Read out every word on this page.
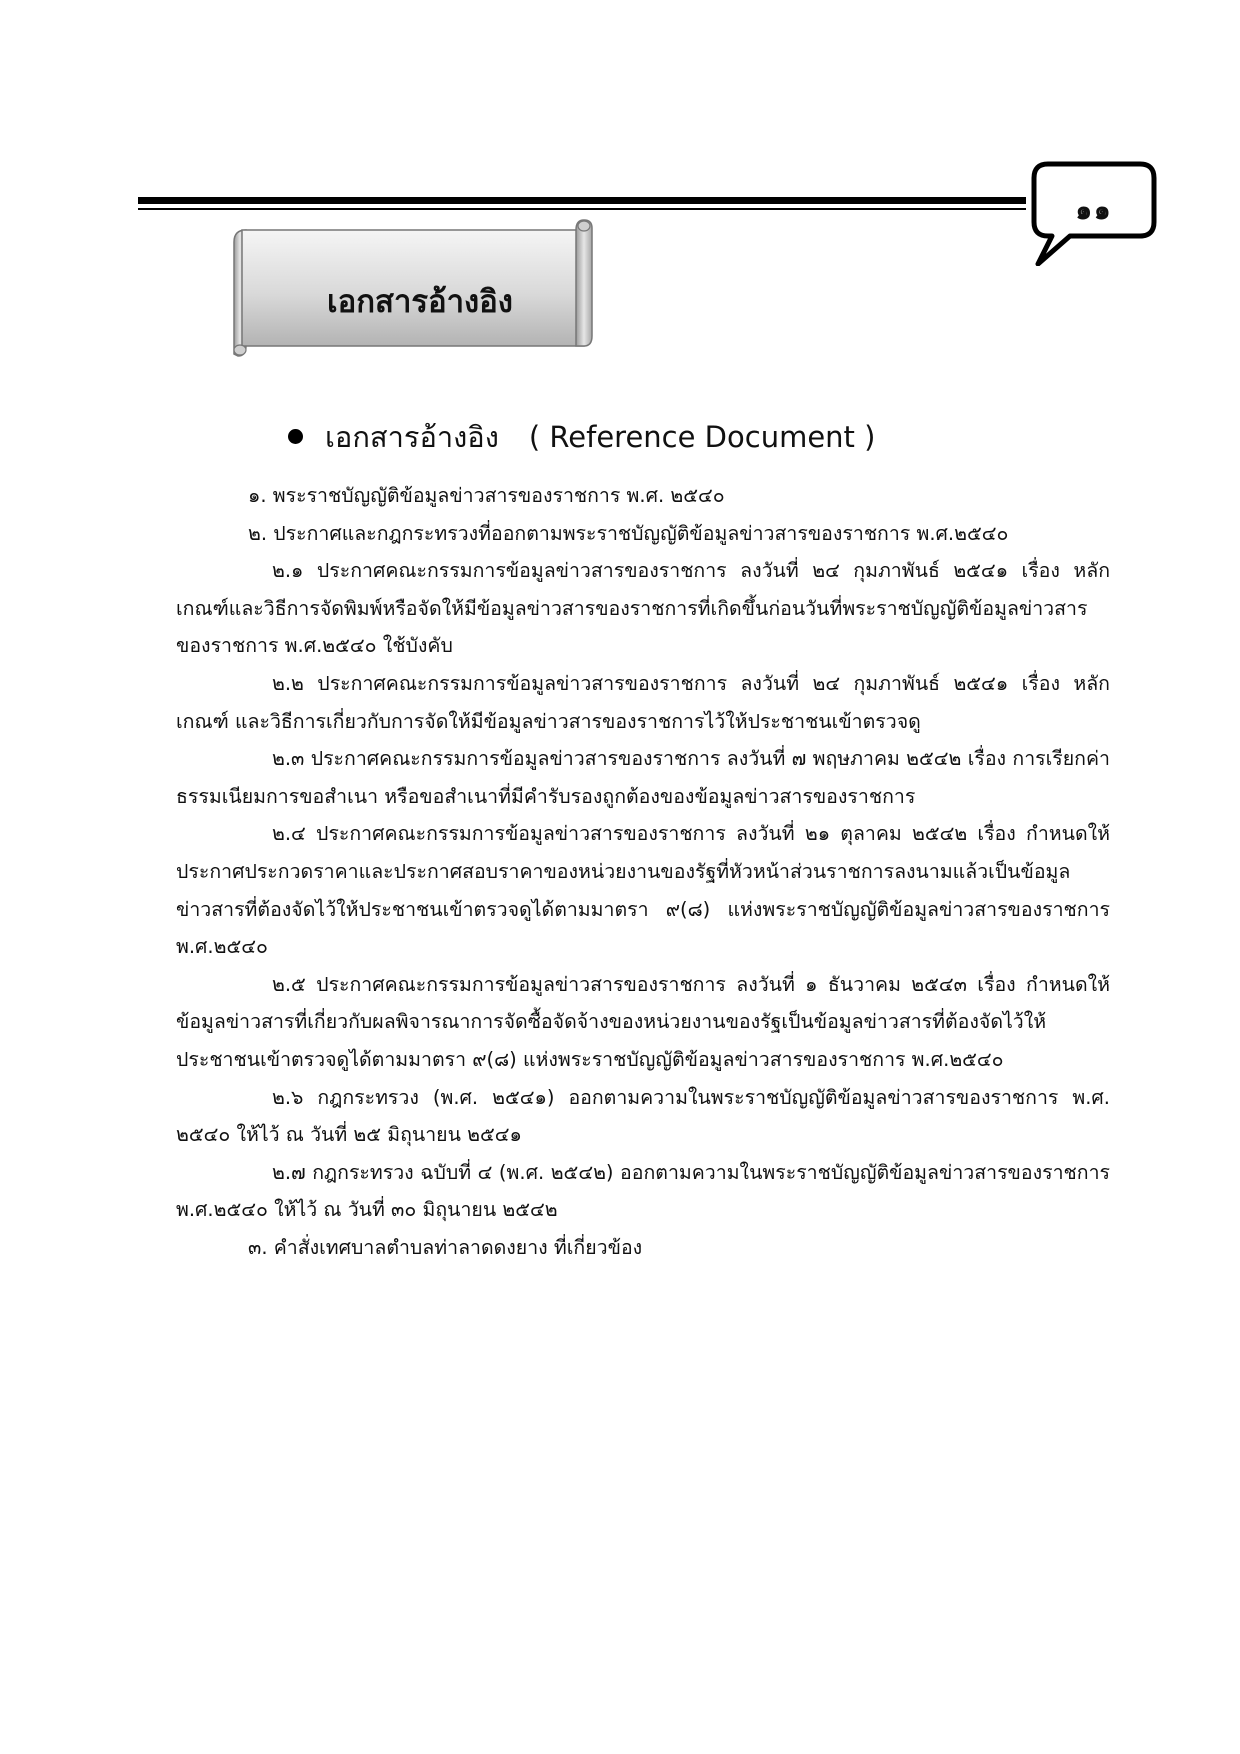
๑๑
เอกสารอ้างอิง
เอกสารอ้างอิง ( Reference Document )

๑. พระราชบัญญัติข้อมูลข่าวสารของราชการ พ.ศ. ๒๕๔๐

๒. ประกาศและกฎกระทรวงที่ออกตามพระราชบัญญัติข้อมูลข่าวสารของราชการ พ.ศ.๒๕๔๐

๒.๑ ประกาศคณะกรรมการข้อมูลข่าวสารของราชการ ลงวันที่ ๒๔ กุมภาพันธ์ ๒๕๔๑ เรื่อง หลักเกณฑ์และวิธีการจัดพิมพ์หรือจัดให้มีข้อมูลข่าวสารของราชการที่เกิดขึ้นก่อนวันที่พระราชบัญญัติข้อมูลข่าวสารของราชการ พ.ศ.๒๕๔๐ ใช้บังคับ

๒.๒ ประกาศคณะกรรมการข้อมูลข่าวสารของราชการ ลงวันที่ ๒๔ กุมภาพันธ์ ๒๕๔๑ เรื่อง หลักเกณฑ์ และวิธีการเกี่ยวกับการจัดให้มีข้อมูลข่าวสารของราชการไว้ให้ประชาชนเข้าตรวจดู

๒.๓ ประกาศคณะกรรมการข้อมูลข่าวสารของราชการ ลงวันที่ ๗ พฤษภาคม ๒๕๔๒ เรื่อง การเรียกค่าธรรมเนียมการขอสำเนา หรือขอสำเนาที่มีคำรับรองถูกต้องของข้อมูลข่าวสารของราชการ

๒.๔ ประกาศคณะกรรมการข้อมูลข่าวสารของราชการ ลงวันที่ ๒๑ ตุลาคม ๒๕๔๒ เรื่อง กำหนดให้ประกาศประกวดราคาและประกาศสอบราคาของหน่วยงานของรัฐที่หัวหน้าส่วนราชการลงนามแล้วเป็นข้อมูลข่าวสารที่ต้องจัดไว้ให้ประชาชนเข้าตรวจดูได้ตามมาตรา ๙(๘) แห่งพระราชบัญญัติข้อมูลข่าวสารของราชการ พ.ศ.๒๕๔๐

๒.๕ ประกาศคณะกรรมการข้อมูลข่าวสารของราชการ ลงวันที่ ๑ ธันวาคม ๒๕๔๓ เรื่อง กำหนดให้ข้อมูลข่าวสารที่เกี่ยวกับผลพิจารณาการจัดซื้อจัดจ้างของหน่วยงานของรัฐเป็นข้อมูลข่าวสารที่ต้องจัดไว้ให้ประชาชนเข้าตรวจดูได้ตามมาตรา ๙(๘) แห่งพระราชบัญญัติข้อมูลข่าวสารของราชการ พ.ศ.๒๕๔๐

๒.๖ กฎกระทรวง (พ.ศ. ๒๕๔๑) ออกตามความในพระราชบัญญัติข้อมูลข่าวสารของราชการ พ.ศ. ๒๕๔๐ ให้ไว้ ณ วันที่ ๒๕ มิถุนายน ๒๕๔๑

๒.๗ กฎกระทรวง ฉบับที่ ๔ (พ.ศ. ๒๕๔๒) ออกตามความในพระราชบัญญัติข้อมูลข่าวสารของราชการ พ.ศ.๒๕๔๐ ให้ไว้ ณ วันที่ ๓๐ มิถุนายน ๒๕๔๒

๓. คำสั่งเทศบาลตำบลท่าลาดดงยาง ที่เกี่ยวข้อง
